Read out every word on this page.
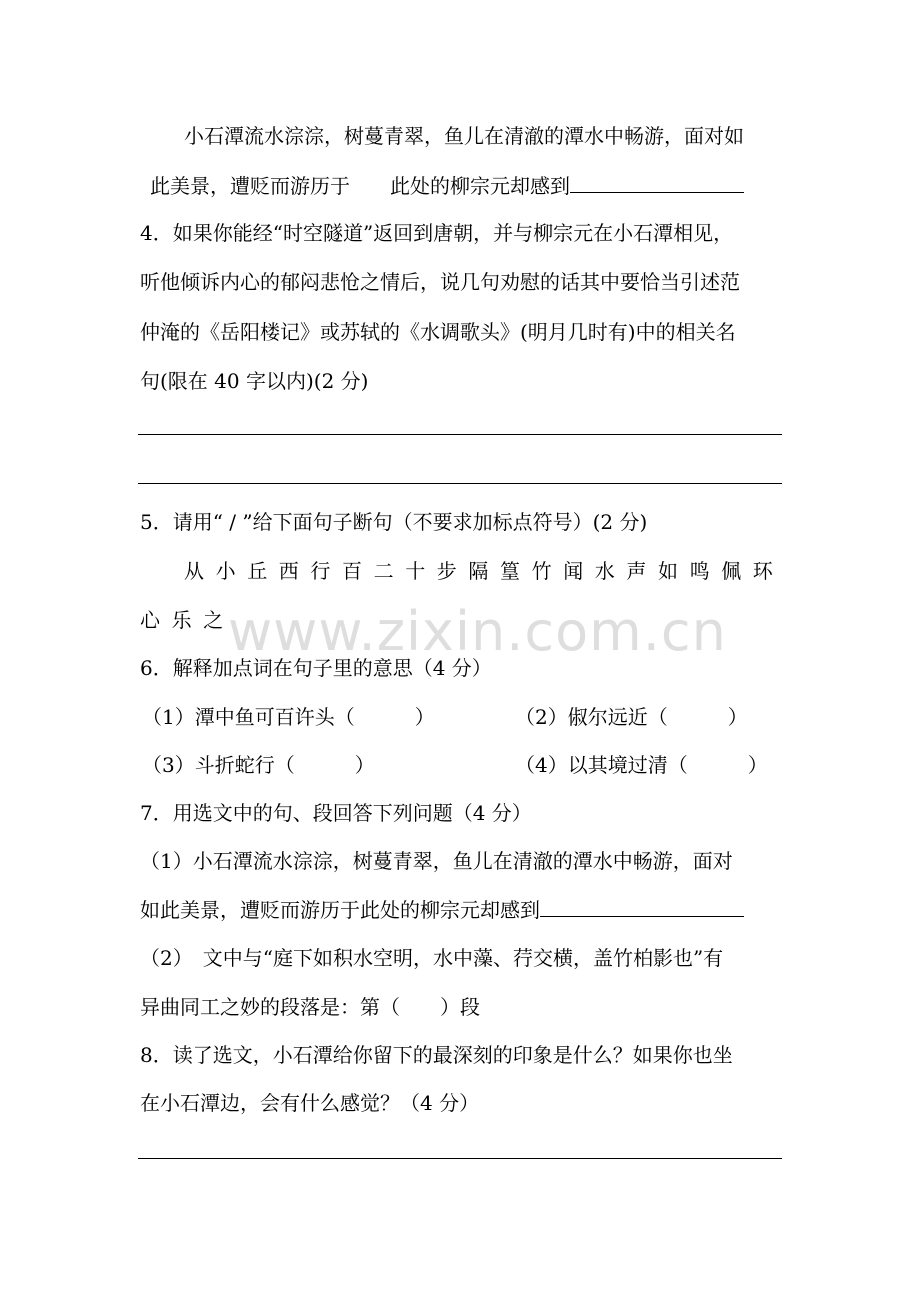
小石潭流水淙淙，树蔓青翠，鱼儿在清澈的潭水中畅游，面对如
此美景，遭贬而游历于　　此处的柳宗元却感到
4．如果你能经“时空隧道”返回到唐朝，并与柳宗元在小石潭相见，
听他倾诉内心的郁闷悲怆之情后，说几句劝慰的话其中要恰当引述范
仲淹的《岳阳楼记》或苏轼的《水调歌头》(明月几时有)中的相关名
句(限在 40 字以内)(2 分)
5．请用“ / ”给下面句子断句（不要求加标点符号）(2 分)
从小丘西行百二十步隔篁竹闻水声如鸣佩环
心乐之
6．解释加点词在句子里的意思（4 分）
（1）潭中鱼可百许头（　　　）	（2）俶尔远近（　　　）
（3）斗折蛇行（　　　）	（4）以其境过清（　　　）
7．用选文中的句、段回答下列问题（4 分）
（1）小石潭流水淙淙，树蔓青翠，鱼儿在清澈的潭水中畅游，面对
如此美景，遭贬而游历于此处的柳宗元却感到
（2）　文中与“庭下如积水空明，水中藻、荇交横，盖竹柏影也”有
异曲同工之妙的段落是：第（　　）段
8．读了选文，小石潭给你留下的最深刻的印象是什么？如果你也坐
在小石潭边，会有什么感觉？（4 分）
www.zixin.com.cn
